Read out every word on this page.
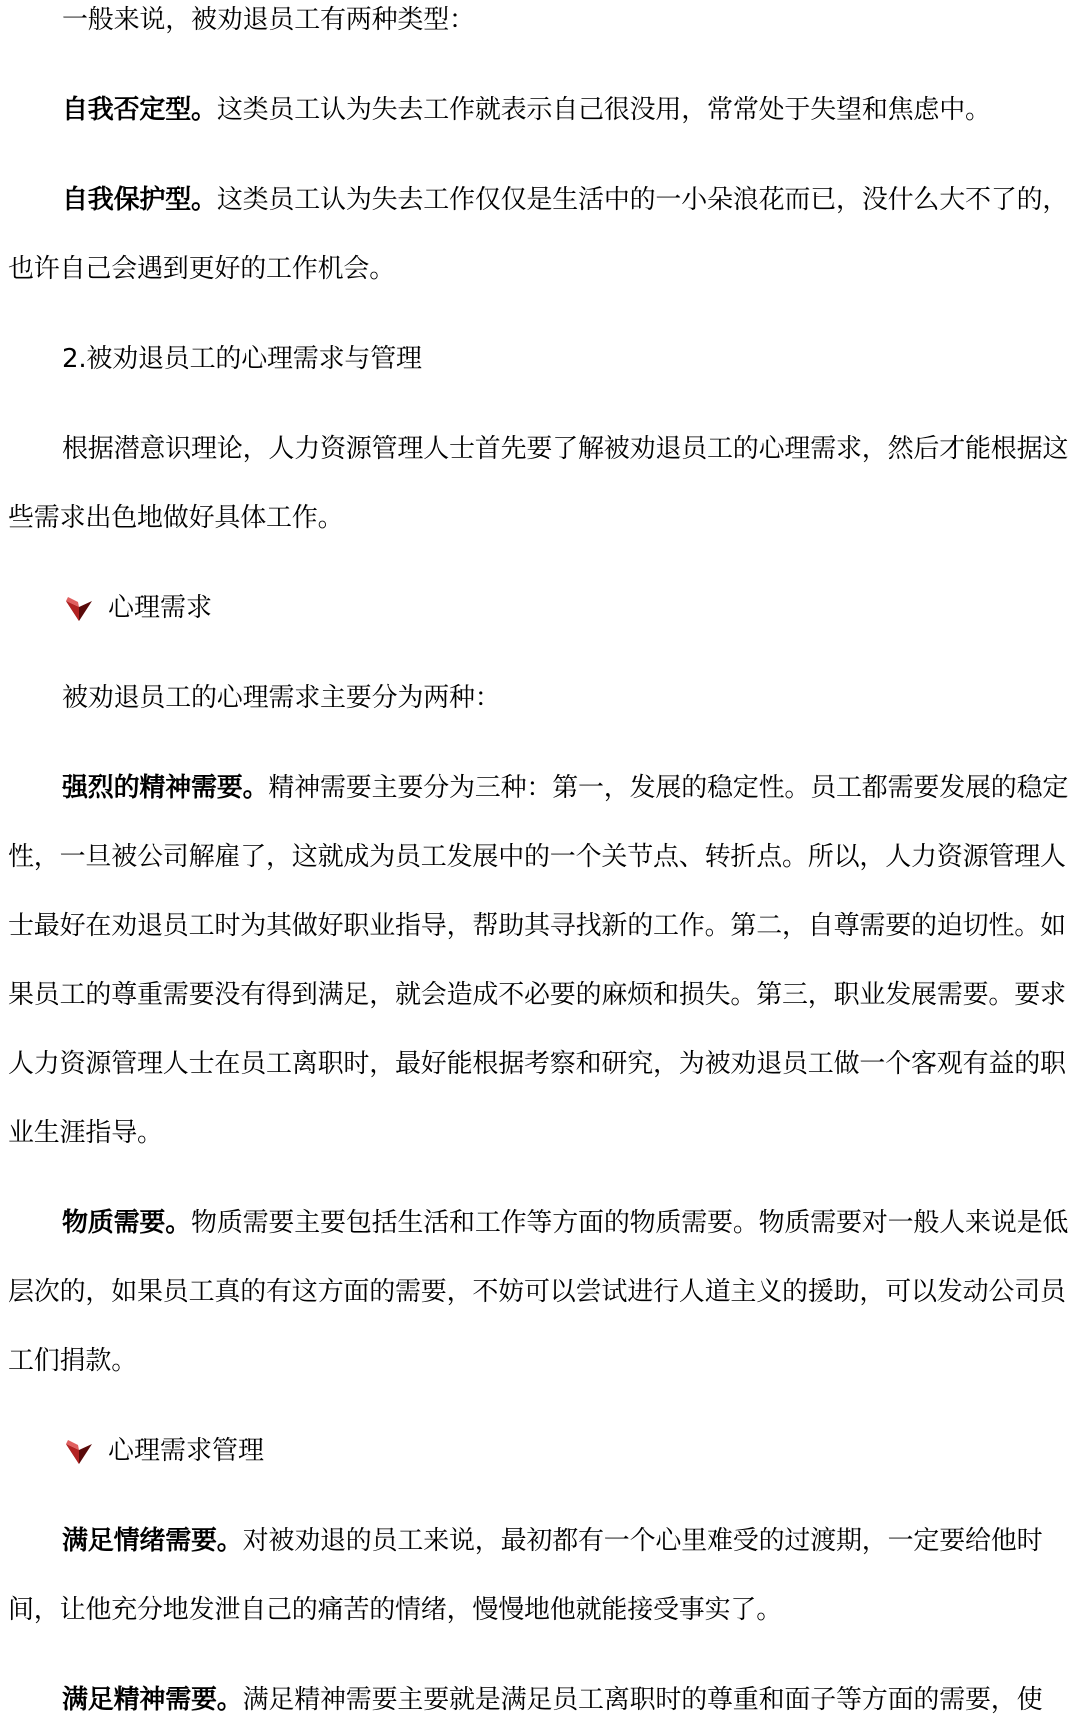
一般来说，被劝退员工有两种类型：

自我否定型。这类员工认为失去工作就表示自己很没用，常常处于失望和焦虑中。

自我保护型。这类员工认为失去工作仅仅是生活中的一小朵浪花而已，没什么大不了的，也许自己会遇到更好的工作机会。

2.被劝退员工的心理需求与管理

根据潜意识理论，人力资源管理人士首先要了解被劝退员工的心理需求，然后才能根据这些需求出色地做好具体工作。

心理需求

被劝退员工的心理需求主要分为两种：

强烈的精神需要。精神需要主要分为三种：第一，发展的稳定性。员工都需要发展的稳定性，一旦被公司解雇了，这就成为员工发展中的一个关节点、转折点。所以，人力资源管理人士最好在劝退员工时为其做好职业指导，帮助其寻找新的工作。第二，自尊需要的迫切性。如果员工的尊重需要没有得到满足，就会造成不必要的麻烦和损失。第三，职业发展需要。要求人力资源管理人士在员工离职时，最好能根据考察和研究，为被劝退员工做一个客观有益的职业生涯指导。

物质需要。物质需要主要包括生活和工作等方面的物质需要。物质需要对一般人来说是低层次的，如果员工真的有这方面的需要，不妨可以尝试进行人道主义的援助，可以发动公司员工们捐款。

心理需求管理

满足情绪需要。对被劝退的员工来说，最初都有一个心里难受的过渡期，一定要给他时间，让他充分地发泄自己的痛苦的情绪，慢慢地他就能接受事实了。

满足精神需要。满足精神需要主要就是满足员工离职时的尊重和面子等方面的需要，使
